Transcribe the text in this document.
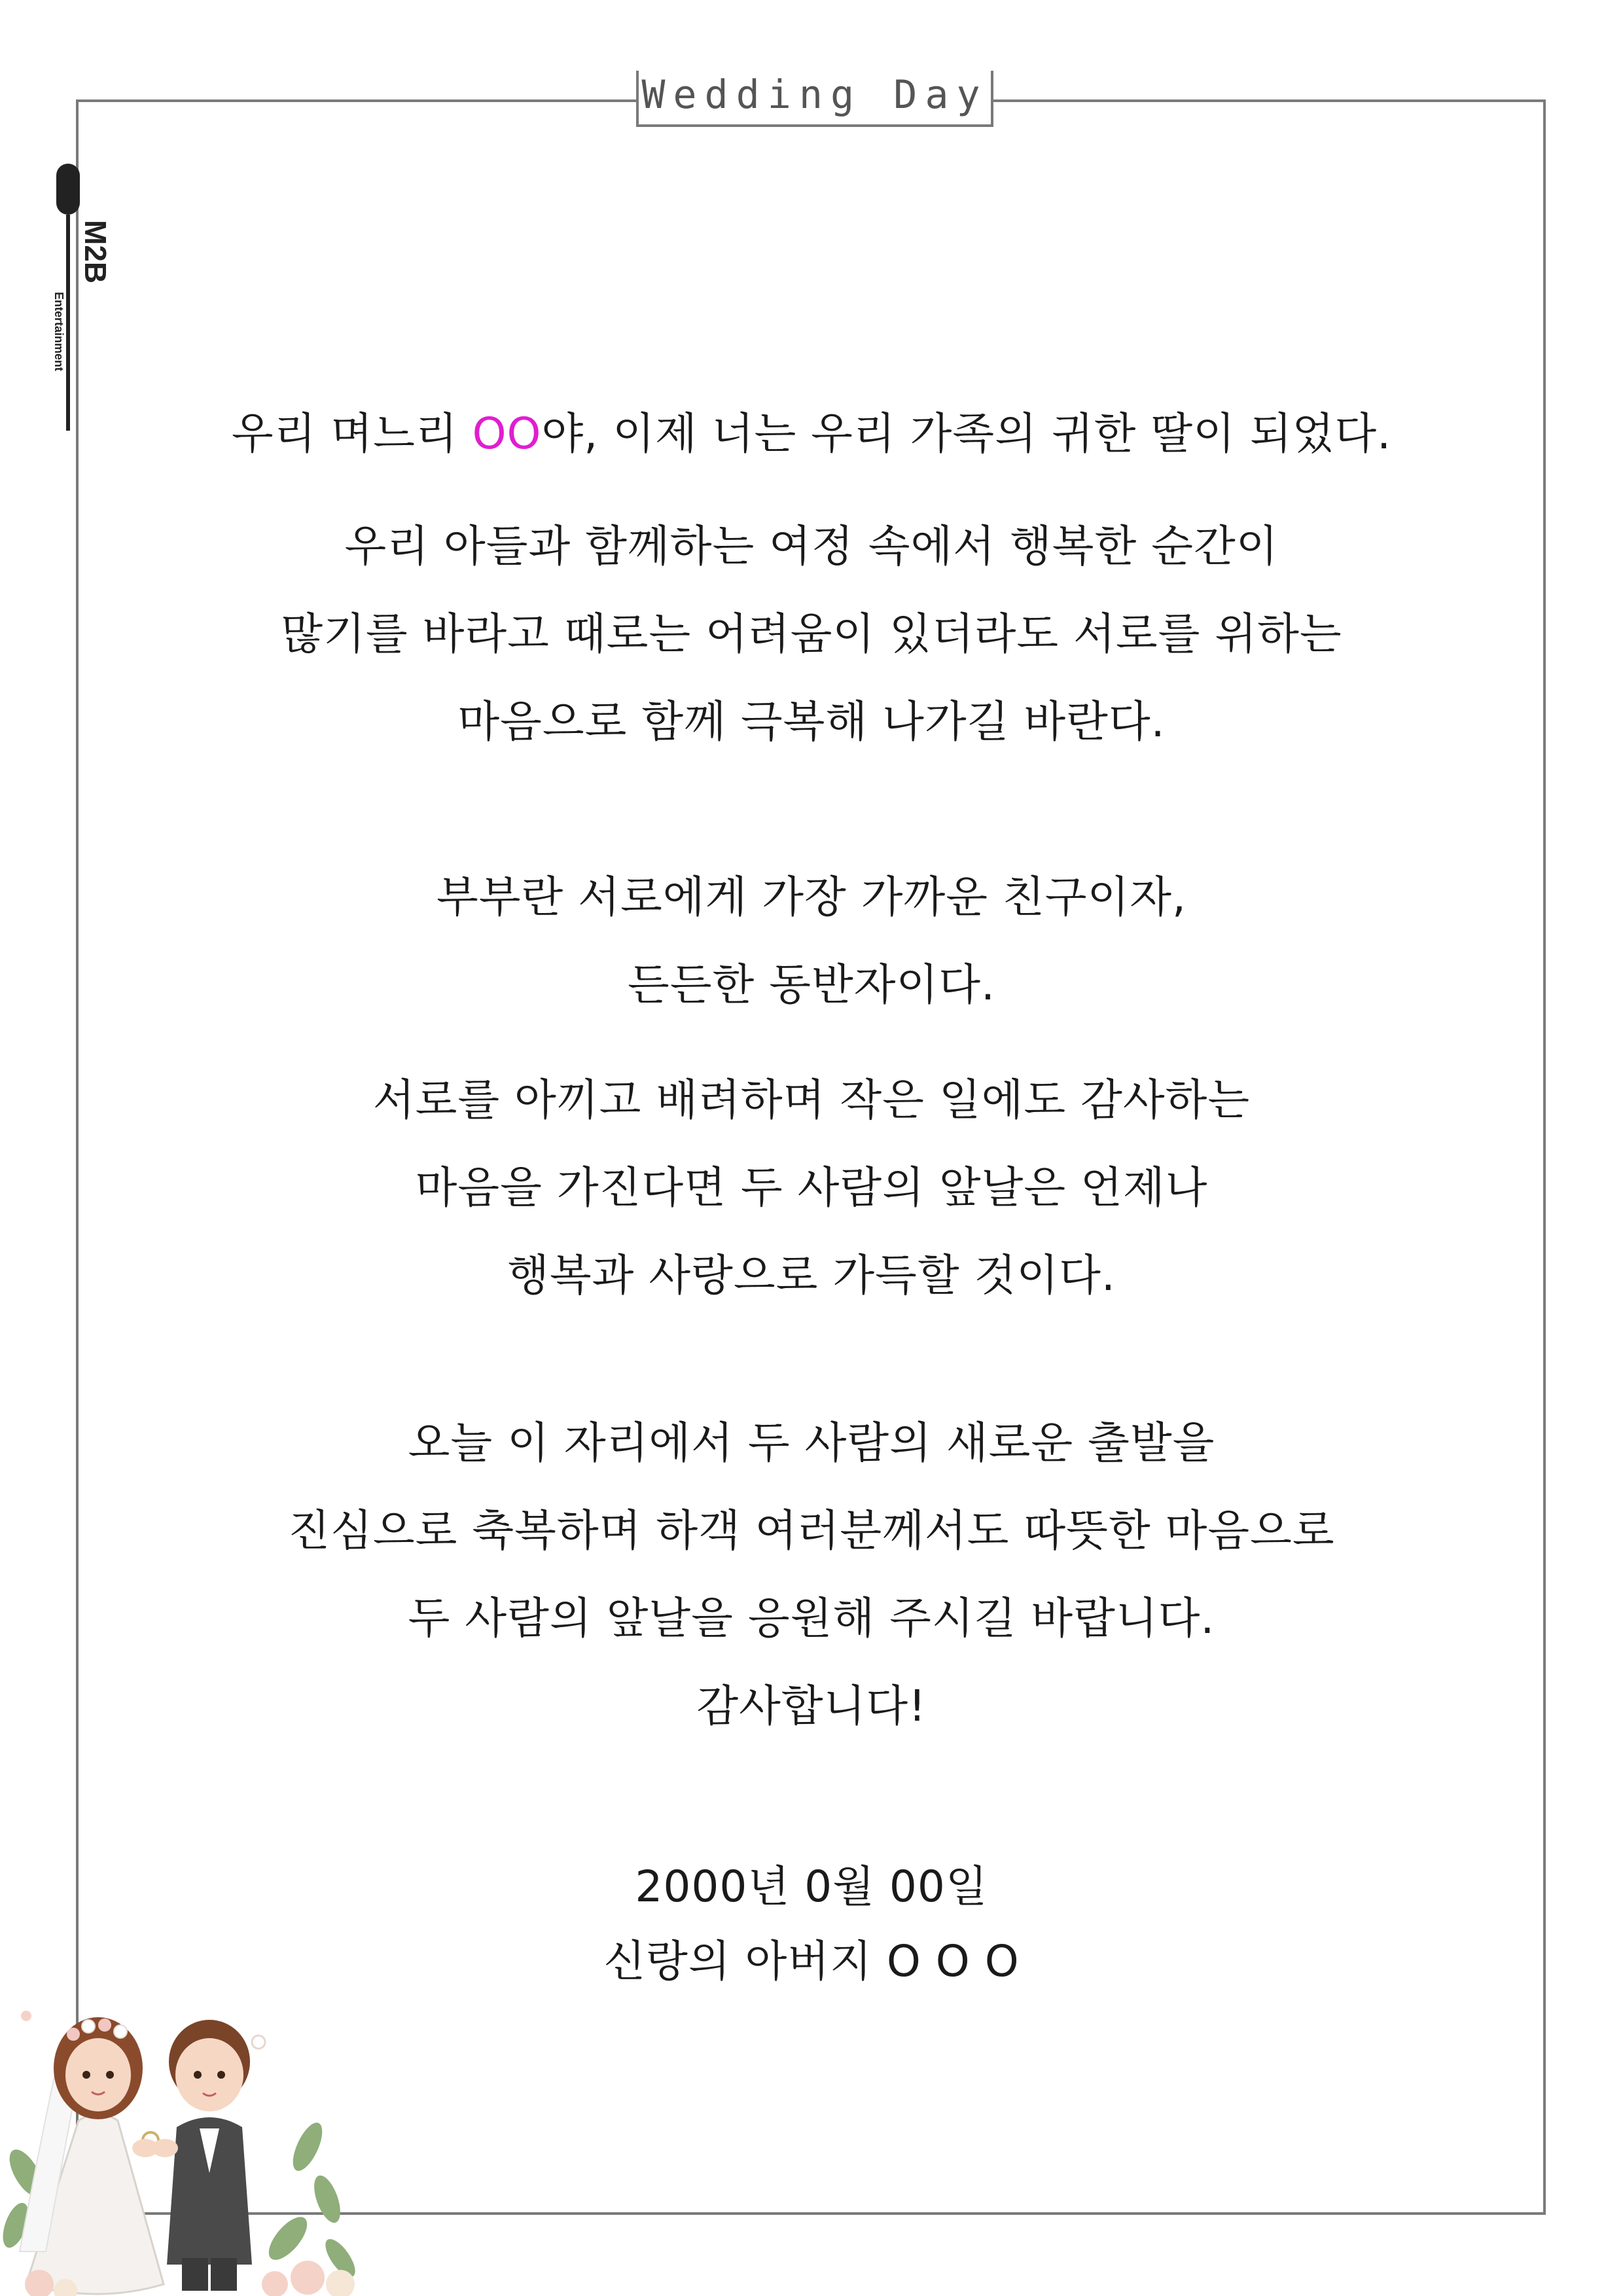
Wedding Day
M2B
Entertainment
우리 며느리 OO야, 이제 너는 우리 가족의 귀한 딸이 되었다.
우리 아들과 함께하는 여정 속에서 행복한 순간이
많기를 바라고 때로는 어려움이 있더라도 서로를 위하는
마음으로 함께 극복해 나가길 바란다.
부부란 서로에게 가장 가까운 친구이자,
든든한 동반자이다.
서로를 아끼고 배려하며 작은 일에도 감사하는
마음을 가진다면 두 사람의 앞날은 언제나
행복과 사랑으로 가득할 것이다.
오늘 이 자리에서 두 사람의 새로운 출발을
진심으로 축복하며 하객 여러분께서도 따뜻한 마음으로
두 사람의 앞날을 응원해 주시길 바랍니다.
감사합니다!
2000년 0월 00일
신랑의 아버지 O O O
